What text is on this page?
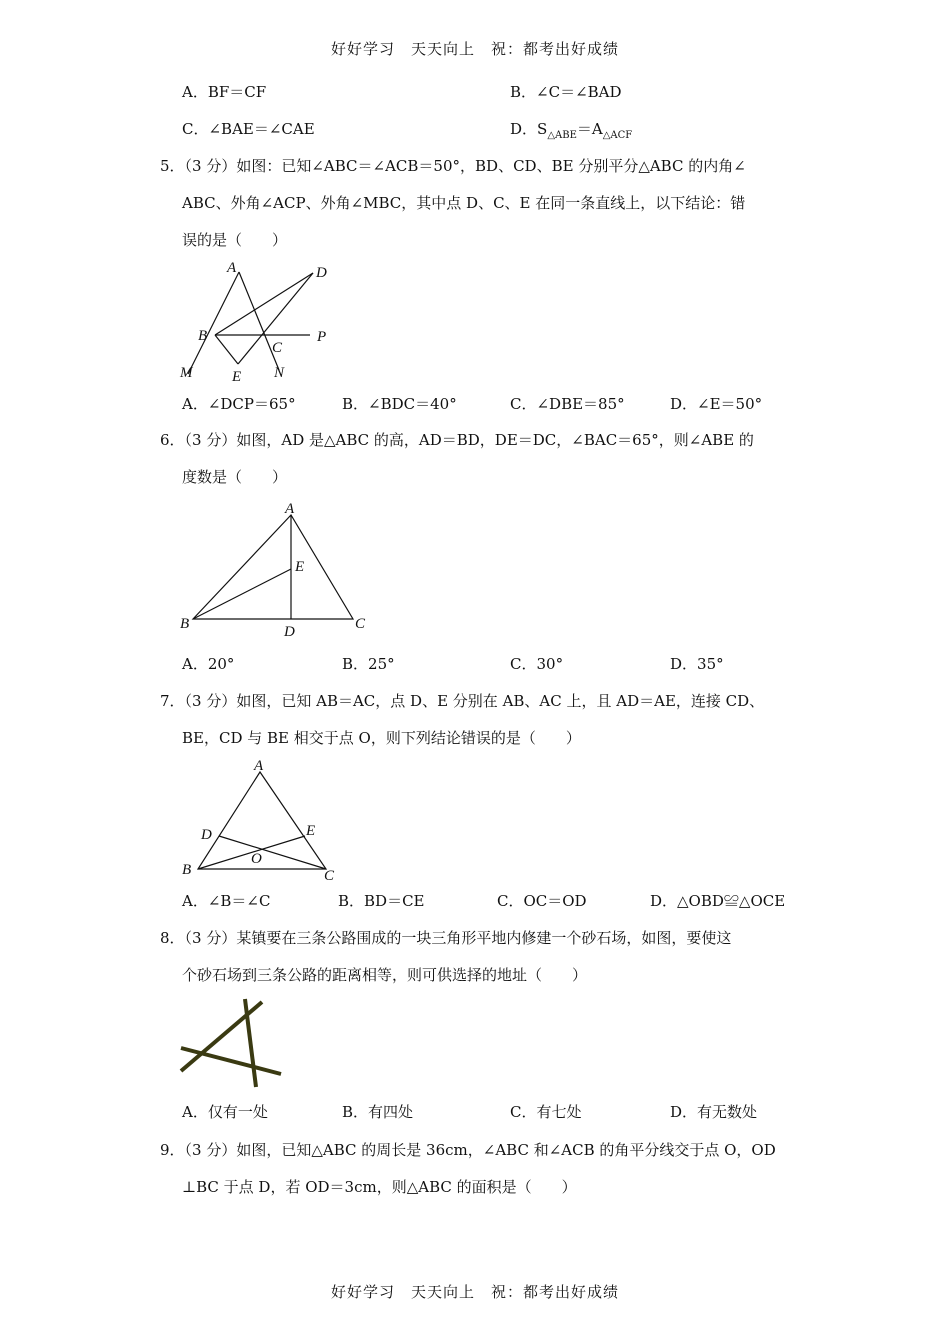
好好学习　天天向上　祝：都考出好成绩
A．BF＝CF	B．∠C＝∠BAD
C．∠BAE＝∠CAE	D．$S_{\triangle ABE}=A_{\triangle ACF}$
5．（3 分）如图：已知∠ABC＝∠ACB＝50°，BD、CD、BE 分别平分△ABC 的内角∠
ABC、外角∠ACP、外角∠MBC，其中点 D、C、E 在同一条直线上，以下结论：错
误的是（　　）
A	D
B
C
P
M	E N
A．∠DCP＝65°	B．∠BDC＝40°	C．∠DBE＝85°	D．∠E＝50°
6．（3 分）如图，AD 是△ABC 的高，AD＝BD，DE＝DC，∠BAC＝65°，则∠ABE 的
度数是（　　）
A
E
B	D	C
A．20°	B．25°	C．30°	D．35°
7．（3 分）如图，已知 AB＝AC，点 D、E 分别在 AB、AC 上，且 AD＝AE，连接 CD、
BE，CD 与 BE 相交于点 O，则下列结论错误的是（　　）
A
D	E
O
B	C
A．∠B＝∠C	B．BD＝CE	C．OC＝OD	D．△OBD≌△OCE
8．（3 分）某镇要在三条公路围成的一块三角形平地内修建一个砂石场，如图，要使这
个砂石场到三条公路的距离相等，则可供选择的地址（　　）
A．仅有一处	B．有四处	C．有七处	D．有无数处
9．（3 分）如图，已知△ABC 的周长是 36cm，∠ABC 和∠ACB 的角平分线交于点 O，OD
⊥BC 于点 D，若 OD＝3cm，则△ABC 的面积是（　　）
好好学习　天天向上　祝：都考出好成绩
